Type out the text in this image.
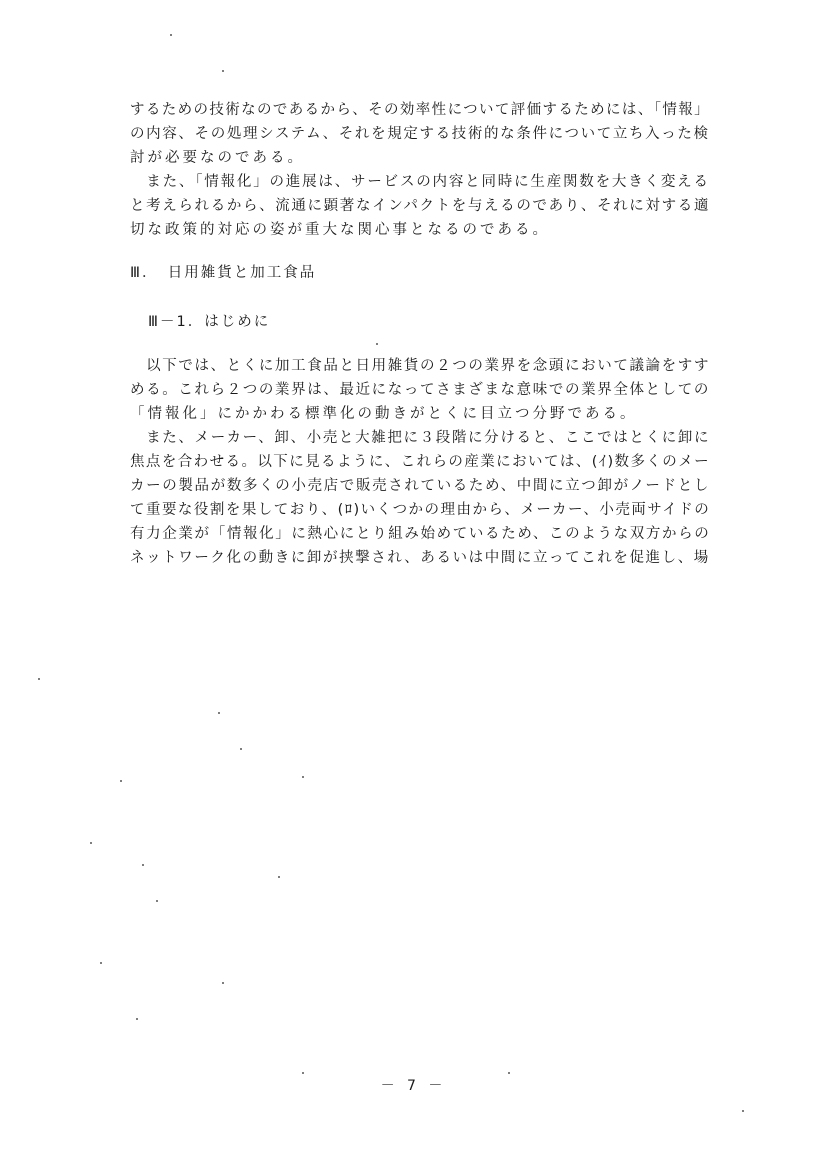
するための技術なのであるから、その効率性について評価するためには、「情報」
の内容、その処理システム、それを規定する技術的な条件について立ち入った検
討が必要なのである。
　また、「情報化」の進展は、サービスの内容と同時に生産関数を大きく変える
と考えられるから、流通に顕著なインパクトを与えるのであり、それに対する適
切な政策的対応の姿が重大な関心事となるのである。
Ⅲ．　日用雑貨と加工食品
Ⅲ－1．はじめに
　以下では、とくに加工食品と日用雑貨の２つの業界を念頭において議論をすす
める。これら２つの業界は、最近になってさまざまな意味での業界全体としての
「情報化」にかかわる標準化の動きがとくに目立つ分野である。
　また、メーカー、卸、小売と大雑把に３段階に分けると、ここではとくに卸に
焦点を合わせる。以下に見るように、これらの産業においては、(ｲ)数多くのメー
カーの製品が数多くの小売店で販売されているため、中間に立つ卸がノードとし
て重要な役割を果しており、(ﾛ)いくつかの理由から、メーカー、小売両サイドの
有力企業が「情報化」に熱心にとり組み始めているため、このような双方からの
ネットワーク化の動きに卸が挟撃され、あるいは中間に立ってこれを促進し、場
－ 7 －
